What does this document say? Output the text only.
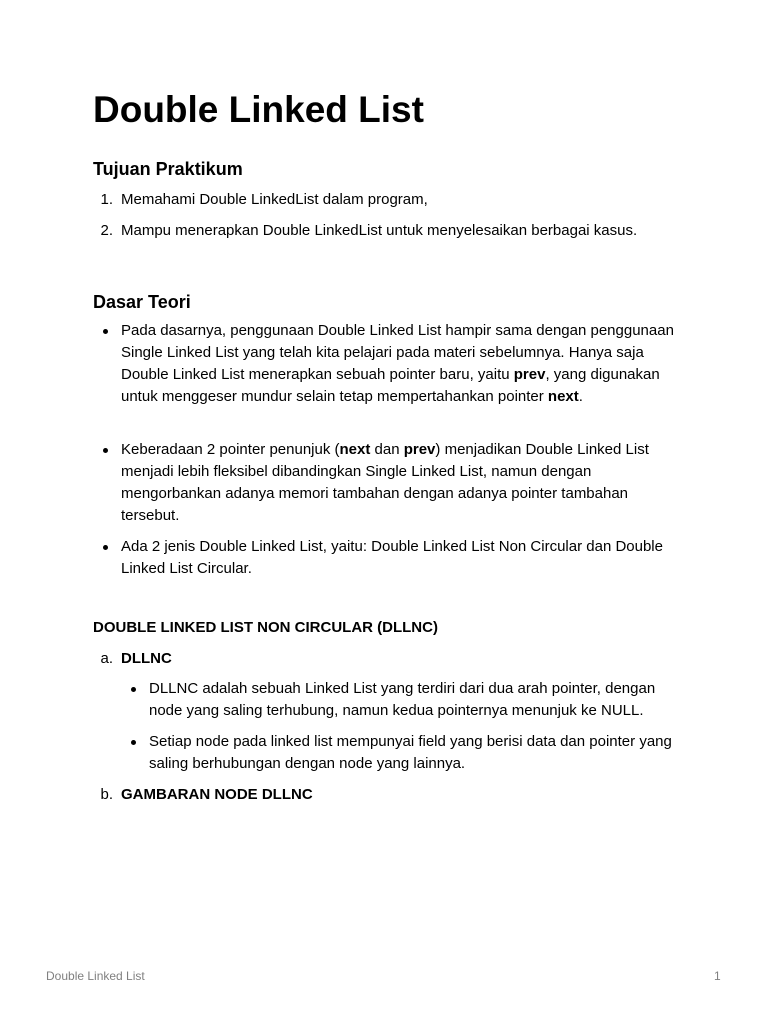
Double Linked List
Tujuan Praktikum
1. Memahami Double LinkedList dalam program,
2. Mampu menerapkan Double LinkedList untuk menyelesaikan berbagai kasus.
Dasar Teori
Pada dasarnya, penggunaan Double Linked List hampir sama dengan penggunaan Single Linked List yang telah kita pelajari pada materi sebelumnya. Hanya saja Double Linked List menerapkan sebuah pointer baru, yaitu prev, yang digunakan untuk menggeser mundur selain tetap mempertahankan pointer next.
Keberadaan 2 pointer penunjuk (next dan prev) menjadikan Double Linked List menjadi lebih fleksibel dibandingkan Single Linked List, namun dengan mengorbankan adanya memori tambahan dengan adanya pointer tambahan tersebut.
Ada 2 jenis Double Linked List, yaitu: Double Linked List Non Circular dan Double Linked List Circular.
DOUBLE LINKED LIST NON CIRCULAR (DLLNC)
a. DLLNC
DLLNC adalah sebuah Linked List yang terdiri dari dua arah pointer, dengan node yang saling terhubung, namun kedua pointernya menunjuk ke NULL.
Setiap node pada linked list mempunyai field yang berisi data dan pointer yang saling berhubungan dengan node yang lainnya.
b. GAMBARAN NODE DLLNC
Double Linked List	1
